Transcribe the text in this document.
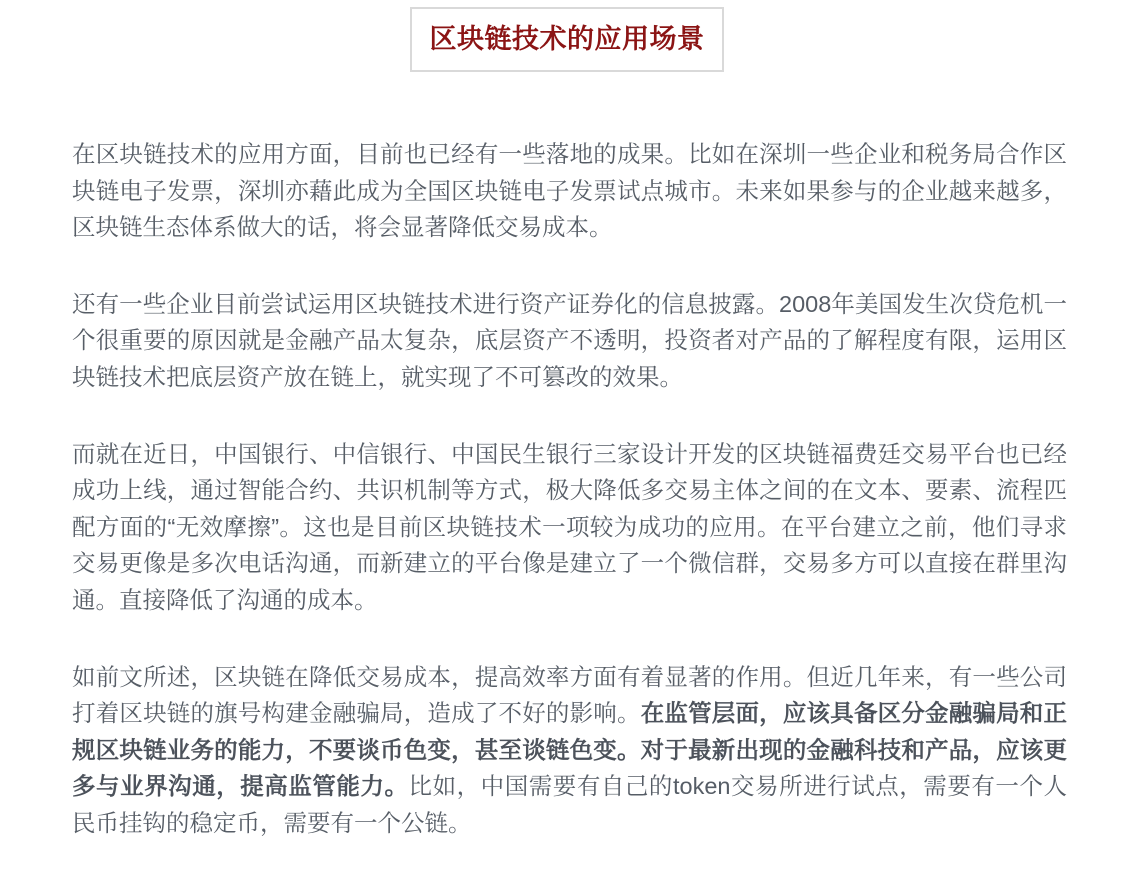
区块链技术的应用场景

在区块链技术的应用方面，目前也已经有一些落地的成果。比如在深圳一些企业和税务局合作区块链电子发票，深圳亦藉此成为全国区块链电子发票试点城市。未来如果参与的企业越来越多，区块链生态体系做大的话，将会显著降低交易成本。

还有一些企业目前尝试运用区块链技术进行资产证券化的信息披露。2008年美国发生次贷危机一个很重要的原因就是金融产品太复杂，底层资产不透明，投资者对产品的了解程度有限，运用区块链技术把底层资产放在链上，就实现了不可篡改的效果。

而就在近日，中国银行、中信银行、中国民生银行三家设计开发的区块链福费廷交易平台也已经成功上线，通过智能合约、共识机制等方式，极大降低多交易主体之间的在文本、要素、流程匹配方面的“无效摩擦”。这也是目前区块链技术一项较为成功的应用。在平台建立之前，他们寻求交易更像是多次电话沟通，而新建立的平台像是建立了一个微信群，交易多方可以直接在群里沟通。直接降低了沟通的成本。

如前文所述，区块链在降低交易成本，提高效率方面有着显著的作用。但近几年来，有一些公司打着区块链的旗号构建金融骗局，造成了不好的影响。在监管层面，应该具备区分金融骗局和正规区块链业务的能力，不要谈币色变，甚至谈链色变。对于最新出现的金融科技和产品，应该更多与业界沟通，提高监管能力。比如，中国需要有自己的token交易所进行试点，需要有一个人民币挂钩的稳定币，需要有一个公链。
